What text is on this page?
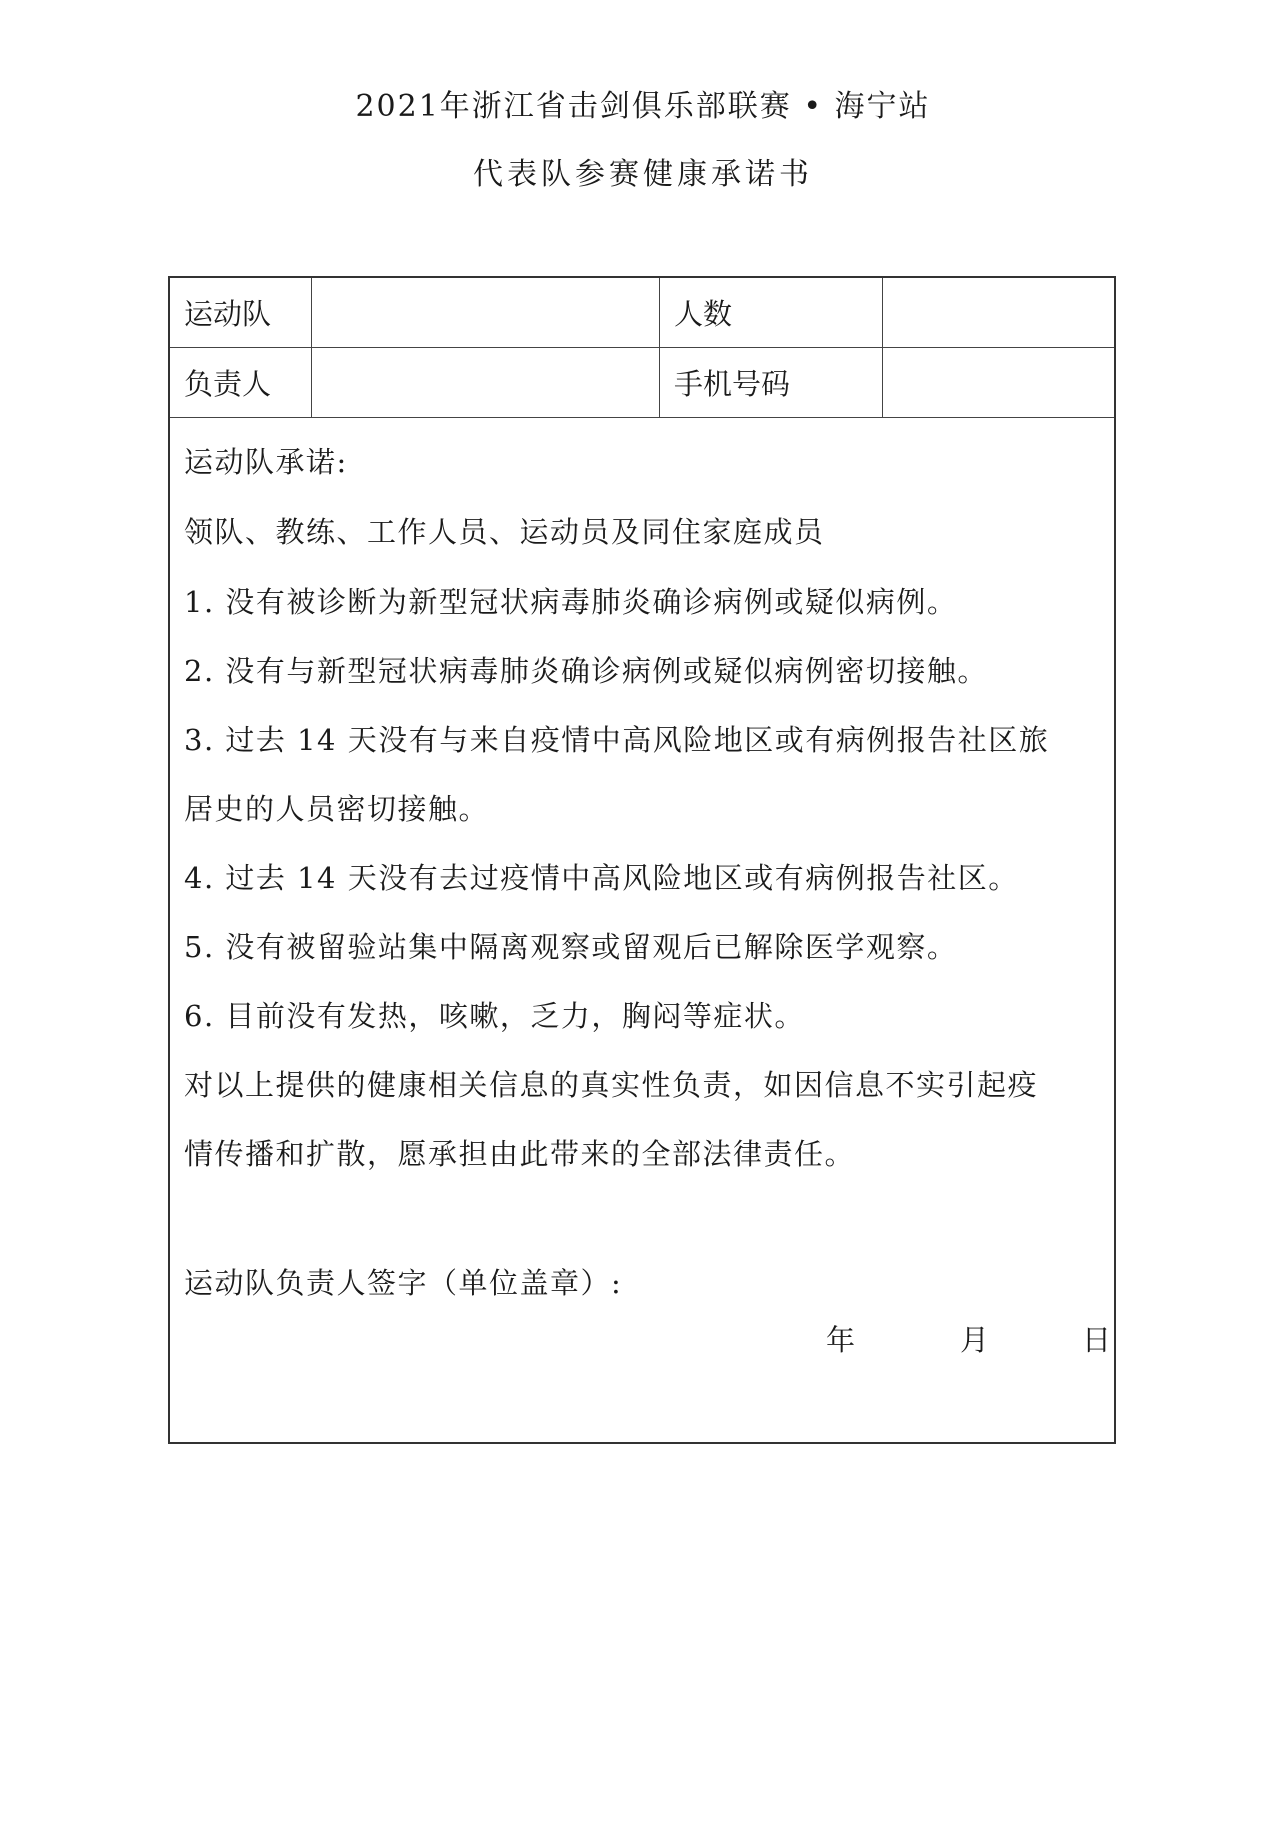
2021年浙江省击剑俱乐部联赛 • 海宁站
代表队参赛健康承诺书
运动队	人数
负责人	手机号码
运动队承诺:
领队、教练、工作人员、运动员及同住家庭成员
1. 没有被诊断为新型冠状病毒肺炎确诊病例或疑似病例。
2. 没有与新型冠状病毒肺炎确诊病例或疑似病例密切接触。
3. 过去 14 天没有与来自疫情中高风险地区或有病例报告社区旅
居史的人员密切接触。
4. 过去 14 天没有去过疫情中高风险地区或有病例报告社区。
5. 没有被留验站集中隔离观察或留观后已解除医学观察。
6. 目前没有发热，咳嗽，乏力，胸闷等症状。
对以上提供的健康相关信息的真实性负责，如因信息不实引起疫
情传播和扩散，愿承担由此带来的全部法律责任。
运动队负责人签字（单位盖章）:
年	月	日
